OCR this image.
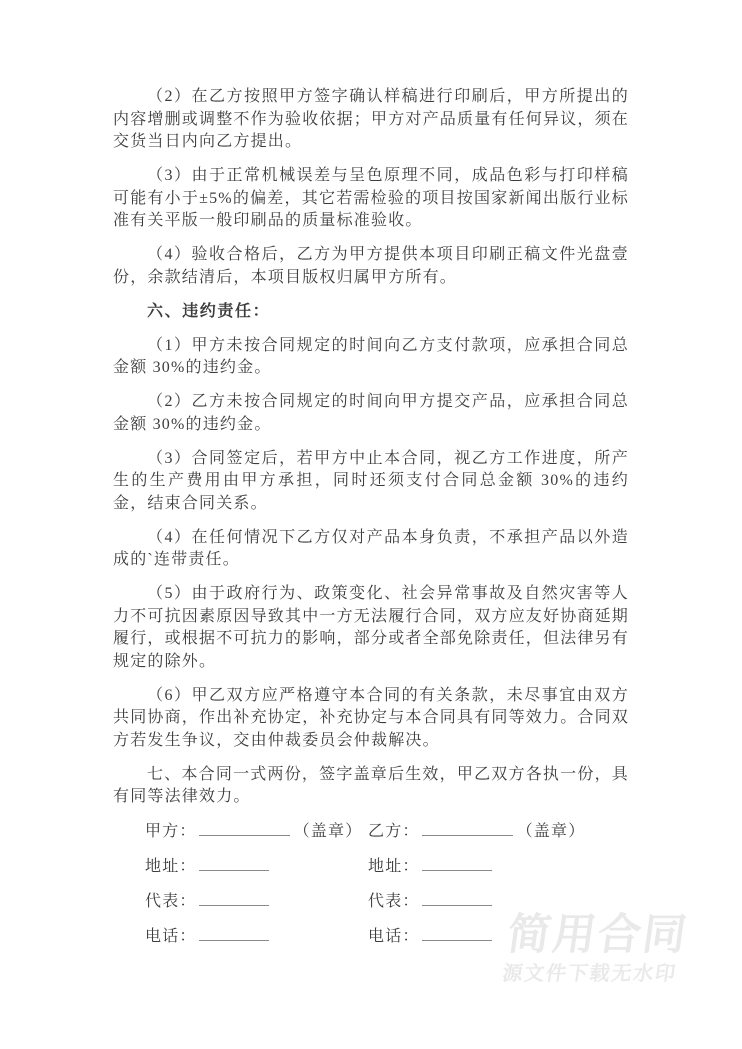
（2）在乙方按照甲方签字确认样稿进行印刷后，甲方所提出的内容增删或调整不作为验收依据；甲方对产品质量有任何异议，须在交货当日内向乙方提出。

（3）由于正常机械误差与呈色原理不同，成品色彩与打印样稿可能有小于±5%的偏差，其它若需检验的项目按国家新闻出版行业标准有关平版一般印刷品的质量标准验收。

（4）验收合格后，乙方为甲方提供本项目印刷正稿文件光盘壹份，余款结清后，本项目版权归属甲方所有。

六、违约责任：

（1）甲方未按合同规定的时间向乙方支付款项，应承担合同总金额 30%的违约金。

（2）乙方未按合同规定的时间向甲方提交产品，应承担合同总金额 30%的违约金。

（3）合同签定后，若甲方中止本合同，视乙方工作进度，所产生的生产费用由甲方承担，同时还须支付合同总金额 30%的违约金，结束合同关系。

（4）在任何情况下乙方仅对产品本身负责，不承担产品以外造成的`连带责任。

（5）由于政府行为、政策变化、社会异常事故及自然灾害等人力不可抗因素原因导致其中一方无法履行合同，双方应友好协商延期履行，或根据不可抗力的影响，部分或者全部免除责任，但法律另有规定的除外。

（6）甲乙双方应严格遵守本合同的有关条款，未尽事宜由双方共同协商，作出补充协定，补充协定与本合同具有同等效力。合同双方若发生争议，交由仲裁委员会仲裁解决。

七、本合同一式两份，签字盖章后生效，甲乙双方各执一份，具有同等法律效力。

甲方：	（盖章） 乙方：	（盖章）
地址：	地址：
代表：	代表：
电话：	电话：	简用合同
源文件下载无水印
